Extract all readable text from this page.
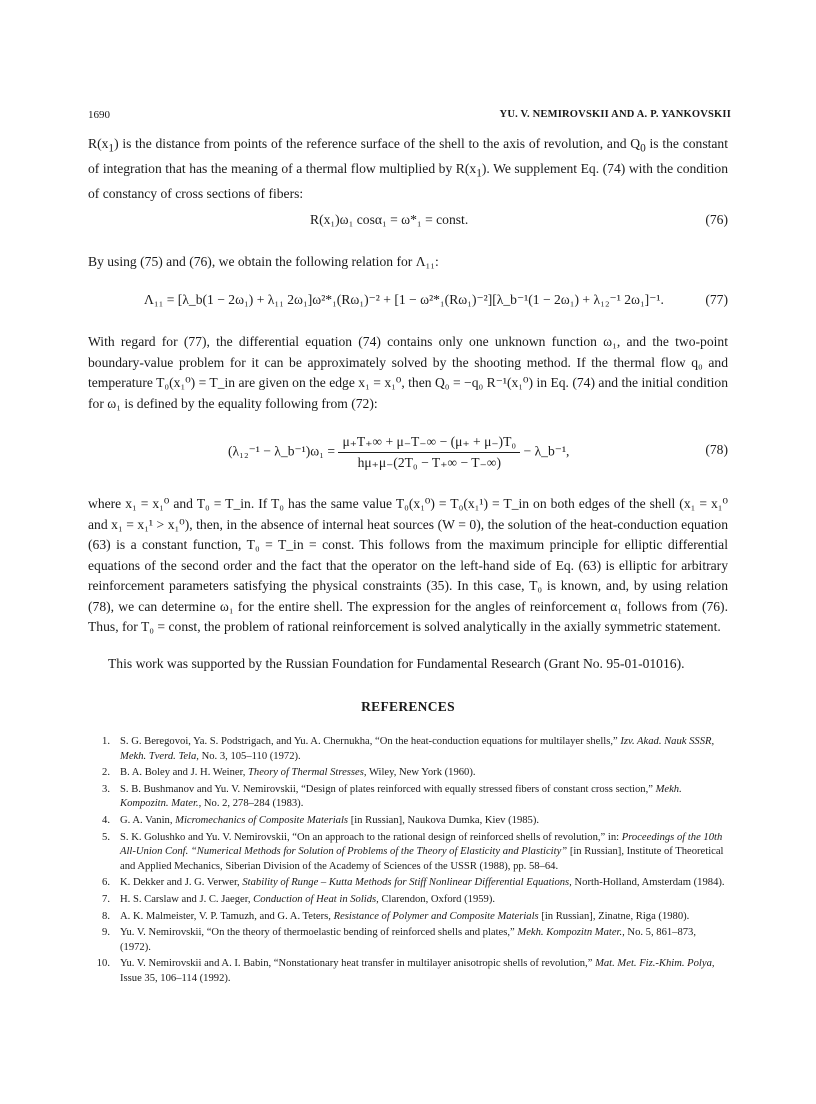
1690	YU. V. NEMIROVSKII AND A. P. YANKOVSKII
$R(x_1)$ is the distance from points of the reference surface of the shell to the axis of revolution, and $Q_0$ is the constant of integration that has the meaning of a thermal flow multiplied by $R(x_1)$. We supplement Eq. (74) with the condition of constancy of cross sections of fibers:
R(x₁)ω₁ cosα₁ = ω*₁ = const.	(76)
By using (75) and (76), we obtain the following relation for Λ₁₁:
Λ₁₁ = [λ_b(1 − 2ω₁) + λ₁₁ 2ω₁]ω²*₁(Rω₁)⁻² + [1 − ω²*₁(Rω₁)⁻²][λ_b⁻¹(1 − 2ω₁) + λ₁₂⁻¹ 2ω₁]⁻¹.	(77)
With regard for (77), the differential equation (74) contains only one unknown function ω₁, and the two-point boundary-value problem for it can be approximately solved by the shooting method. If the thermal flow q₀ and temperature T₀(x₁⁰) = T_in are given on the edge x₁ = x₁⁰, then Q₀ = −q₀ R⁻¹(x₁⁰) in Eq. (74) and the initial condition for ω₁ is defined by the equality following from (72):
(λ₁₂⁻¹ − λ_b⁻¹)ω₁ = $\frac{\text{μ₊T₊∞ + μ₋T₋∞ − (μ₊ + μ₋)T₀}}{\text{hμ₊μ₋(2T₀ − T₊∞ − T₋∞)}}$ − λ_b⁻¹,	(78)
where x₁ = x₁⁰ and T₀ = T_in. If T₀ has the same value T₀(x₁⁰) = T₀(x₁¹) = T_in on both edges of the shell (x₁ = x₁⁰ and x₁ = x₁¹ > x₁⁰), then, in the absence of internal heat sources (W = 0), the solution of the heat-conduction equation (63) is a constant function, T₀ = T_in = const. This follows from the maximum principle for elliptic differential equations of the second order and the fact that the operator on the left-hand side of Eq. (63) is elliptic for arbitrary reinforcement parameters satisfying the physical constraints (35). In this case, T₀ is known, and, by using relation (78), we can determine ω₁ for the entire shell. The expression for the angles of reinforcement α₁ follows from (76). Thus, for T₀ = const, the problem of rational reinforcement is solved analytically in the axially symmetric statement.
This work was supported by the Russian Foundation for Fundamental Research (Grant No. 95-01-01016).
REFERENCES
1. S. G. Beregovoi, Ya. S. Podstrigach, and Yu. A. Chernukha, “On the heat-conduction equations for multilayer shells,” Izv. Akad. Nauk SSSR, Mekh. Tverd. Tela, No. 3, 105–110 (1972).
2. B. A. Boley and J. H. Weiner, Theory of Thermal Stresses, Wiley, New York (1960).
3. S. B. Bushmanov and Yu. V. Nemirovskii, “Design of plates reinforced with equally stressed fibers of constant cross section,” Mekh. Kompozitn. Mater., No. 2, 278–284 (1983).
4. G. A. Vanin, Micromechanics of Composite Materials [in Russian], Naukova Dumka, Kiev (1985).
5. S. K. Golushko and Yu. V. Nemirovskii, “On an approach to the rational design of reinforced shells of revolution,” in: Proceedings of the 10th All-Union Conf. “Numerical Methods for Solution of Problems of the Theory of Elasticity and Plasticity” [in Russian], Institute of Theoretical and Applied Mechanics, Siberian Division of the Academy of Sciences of the USSR (1988), pp. 58–64.
6. K. Dekker and J. G. Verwer, Stability of Runge – Kutta Methods for Stiff Nonlinear Differential Equations, North-Holland, Amsterdam (1984).
7. H. S. Carslaw and J. C. Jaeger, Conduction of Heat in Solids, Clarendon, Oxford (1959).
8. A. K. Malmeister, V. P. Tamuzh, and G. A. Teters, Resistance of Polymer and Composite Materials [in Russian], Zinatne, Riga (1980).
9. Yu. V. Nemirovskii, “On the theory of thermoelastic bending of reinforced shells and plates,” Mekh. Kompozitn Mater., No. 5, 861–873, (1972).
10. Yu. V. Nemirovskii and A. I. Babin, “Nonstationary heat transfer in multilayer anisotropic shells of revolution,” Mat. Met. Fiz.-Khim. Polya, Issue 35, 106–114 (1992).
